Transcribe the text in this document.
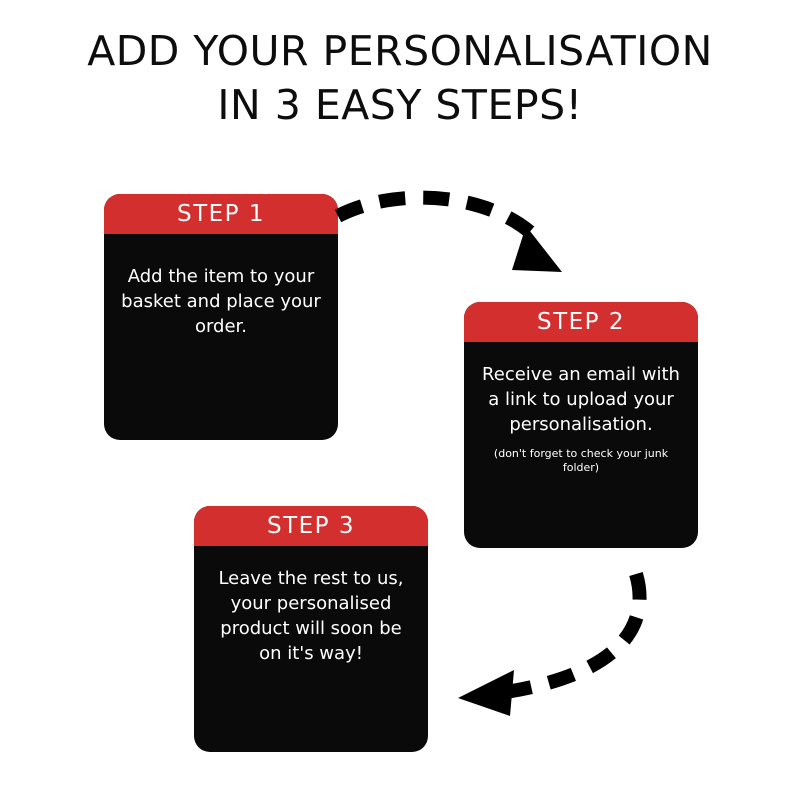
ADD YOUR PERSONALISATION
IN 3 EASY STEPS!
STEP 1
Add the item to your basket and place your order.	STEP 2
Receive an email with a link to upload your personalisation.
(don't forget to check your junk folder)
STEP 3
Leave the rest to us, your personalised product will soon be on it's way!
